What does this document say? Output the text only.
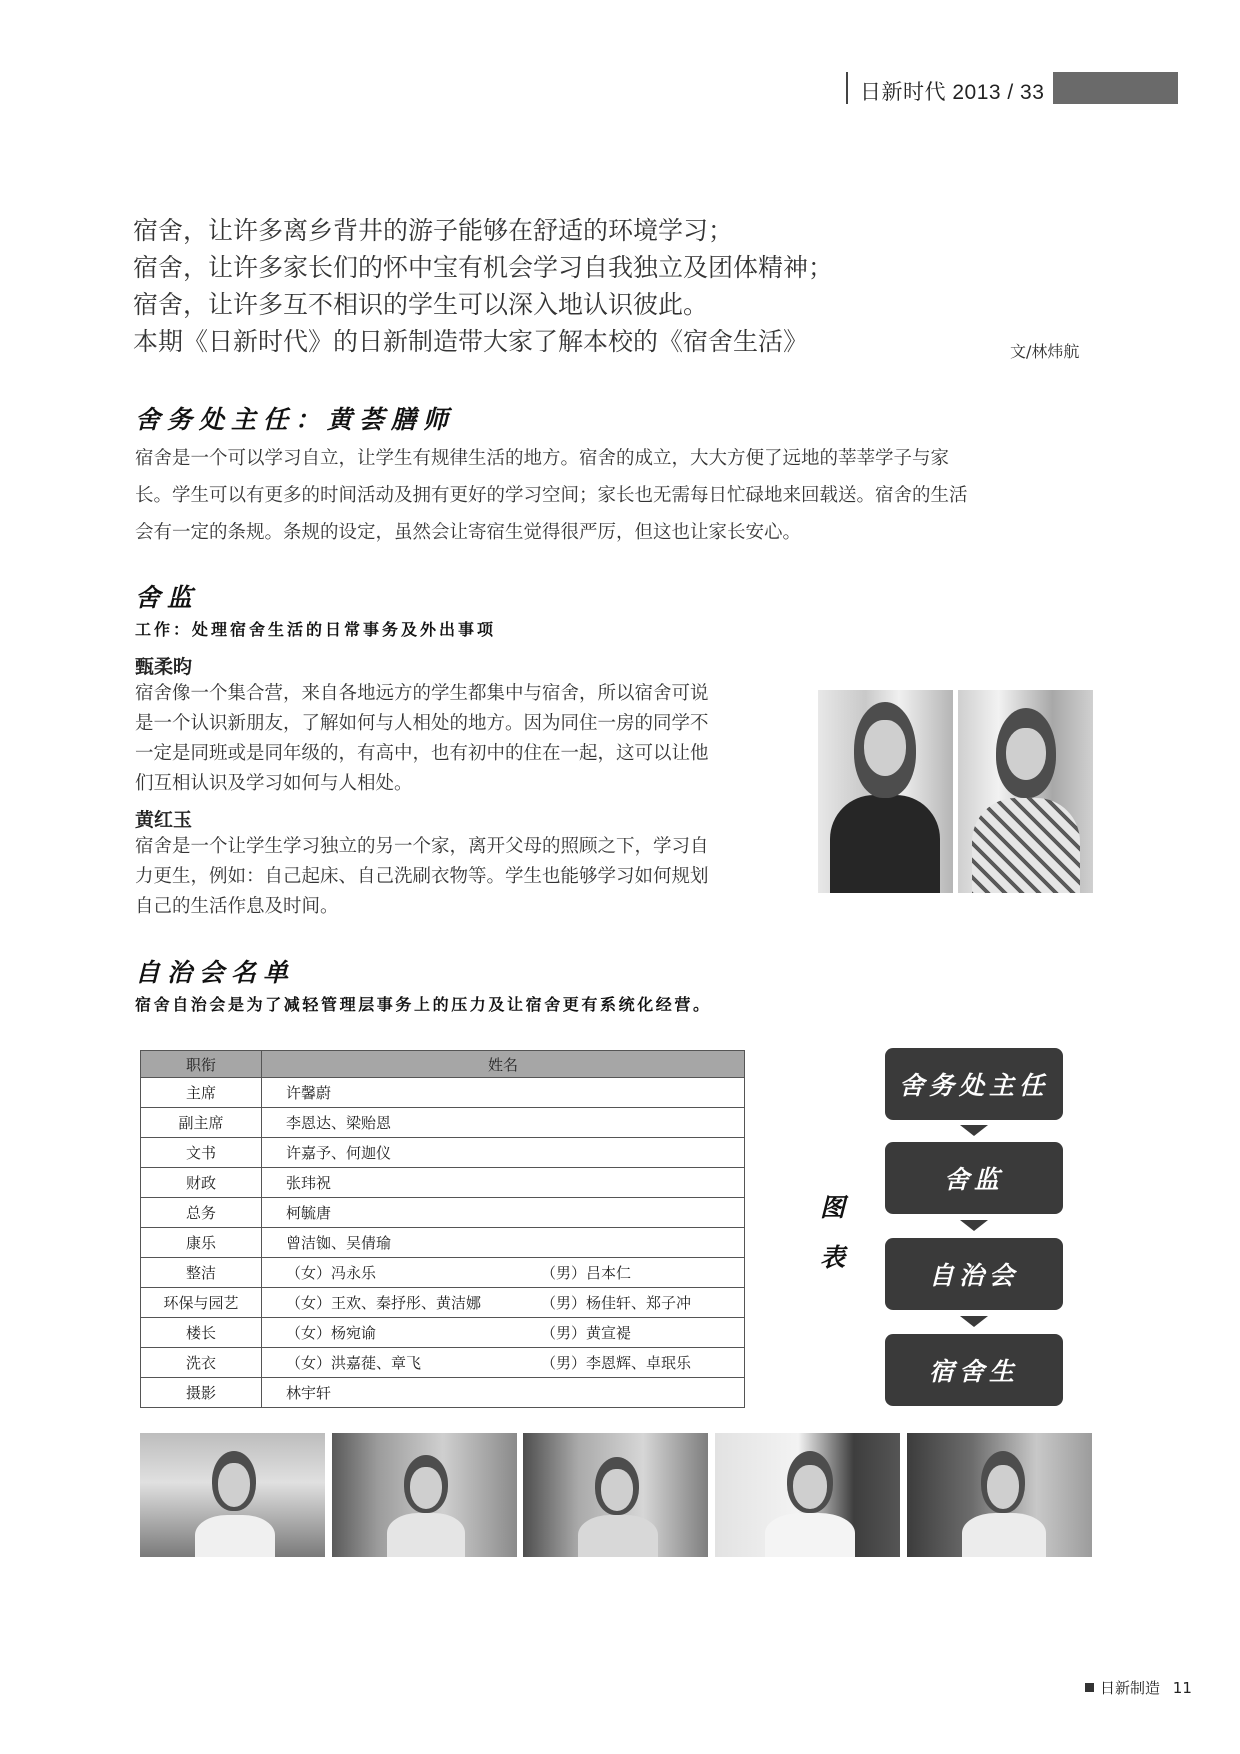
日新时代 2013 / 33
宿舍，让许多离乡背井的游子能够在舒适的环境学习；
宿舍，让许多家长们的怀中宝有机会学习自我独立及团体精神；
宿舍，让许多互不相识的学生可以深入地认识彼此。
本期《日新时代》的日新制造带大家了解本校的《宿舍生活》	文/林炜航
舍务处主任：黄荟膳师
宿舍是一个可以学习自立，让学生有规律生活的地方。宿舍的成立，大大方便了远地的莘莘学子与家
长。学生可以有更多的时间活动及拥有更好的学习空间；家长也无需每日忙碌地来回载送。宿舍的生活
会有一定的条规。条规的设定，虽然会让寄宿生觉得很严厉，但这也让家长安心。
舍监
工作：处理宿舍生活的日常事务及外出事项
甄柔昀
宿舍像一个集合营，来自各地远方的学生都集中与宿舍，所以宿舍可说
是一个认识新朋友，了解如何与人相处的地方。因为同住一房的同学不
一定是同班或是同年级的，有高中，也有初中的住在一起，这可以让他
们互相认识及学习如何与人相处。
黄红玉
宿舍是一个让学生学习独立的另一个家，离开父母的照顾之下，学习自
力更生，例如：自己起床、自己洗刷衣物等。学生也能够学习如何规划
自己的生活作息及时间。
自治会名单
宿舍自治会是为了减轻管理层事务上的压力及让宿舍更有系统化经营。
职衔	姓名
主席	许馨蔚
副主席	李恩达、梁贻恩
文书	许嘉予、何迦仪
财政	张玮祝
总务	柯毓唐
康乐	曾洁铷、吴倩瑜
整洁	（女）冯永乐 （男）吕本仁
环保与园艺	（女）王欢、秦抒彤、黄洁娜 （男）杨佳轩、郑子冲
楼长	（女）杨宛谕 （男）黄宣褆
洗衣	（女）洪嘉蓰、章飞 （男）李恩辉、卓珉乐
摄影	林宇轩
图
表
舍务处主任
舍监
自治会
宿舍生
日新制造 11
